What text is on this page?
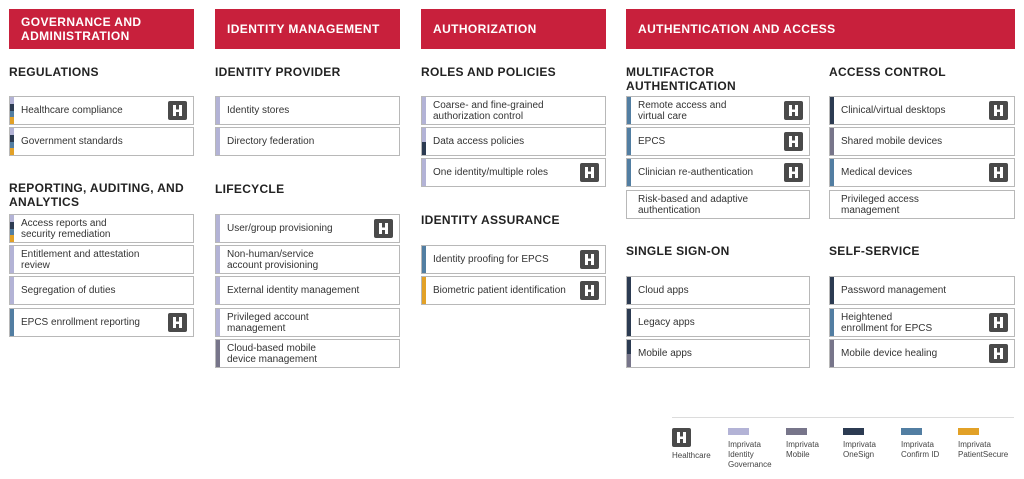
GOVERNANCE AND ADMINISTRATION	IDENTITY MANAGEMENT	AUTHORIZATION	AUTHENTICATION AND ACCESS
REGULATIONS
Healthcare compliance
Government standards
REPORTING, AUDITING, AND ANALYTICS
Access reports and security remediation
Entitlement and attestation review
Segregation of duties
EPCS enrollment reporting
IDENTITY PROVIDER
Identity stores
Directory federation
LIFECYCLE
User/group provisioning
Non-human/service account provisioning
External identity management
Privileged account management
Cloud-based mobile device management
ROLES AND POLICIES
Coarse- and fine-grained authorization control
Data access policies
One identity/multiple roles
IDENTITY ASSURANCE
Identity proofing for EPCS
Biometric patient identification
MULTIFACTOR AUTHENTICATION
Remote access and virtual care
EPCS
Clinician re-authentication
Risk-based and adaptive authentication
SINGLE SIGN-ON
Cloud apps
Legacy apps
Mobile apps
ACCESS CONTROL
Clinical/virtual desktops
Shared mobile devices
Medical devices
Privileged access management
SELF-SERVICE
Password management
Heightened enrollment for EPCS
Mobile device healing
Healthcare
Imprivata Identity Governance
Imprivata Mobile
Imprivata OneSign
Imprivata Confirm ID
Imprivata PatientSecure
